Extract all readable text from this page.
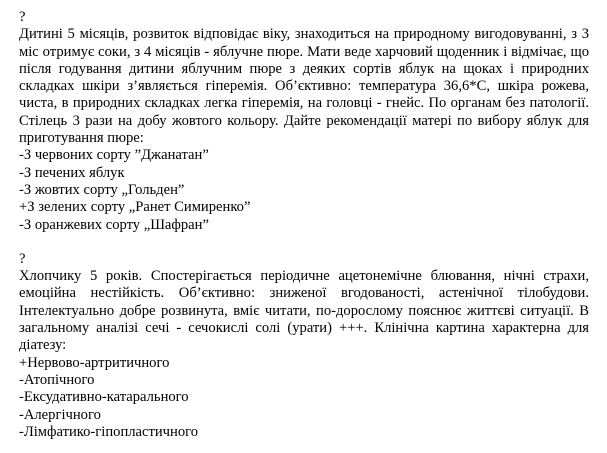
?

Дитині 5 місяців, розвиток відповідає віку, знаходиться на природному вигодовуванні, з 3 міс отримує соки, з 4 місяців - яблучне пюре. Мати веде харчовий щоденник і відмічає, що після годування дитини яблучним пюре з деяких сортів яблук на щоках і природних складках шкіри з’являється гіперемія. Об’єктивно: температура 36,6*С, шкіра рожева, чиста, в природних складках легка гіперемія, на головці - гнейс. По органам без патології. Стілець 3 рази на добу жовтого кольору. Дайте рекомендації матері по вибору яблук для приготування пюре:

-З червоних сорту ”Джанатан”
-З печених яблук
-З жовтих сорту „Гольден”
+З зелених сорту „Ранет Симиренко”
-З оранжевих сорту „Шафран”

?

Хлопчику 5 років. Спостерігається періодичне ацетонемічне блювання, нічні страхи, емоційна нестійкість. Об’єктивно: зниженої вгодованості, астенічної тілобудови. Інтелектуально добре розвинута, вміє читати, по-дорослому пояснює життєві ситуації. В загальному аналізі сечі - сечокислі солі (урати) +++. Клінічна картина характерна для діатезу:

+Нервово-артритичного
-Атопічного
-Ексудативно-катарального
-Алергічного
-Лімфатико-гіпопластичного
